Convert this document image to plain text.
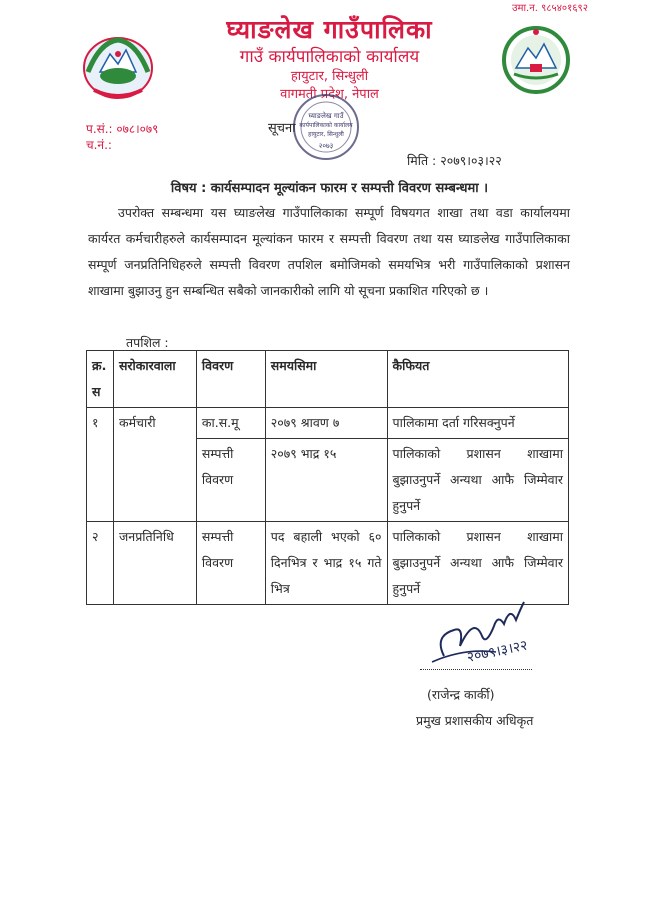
उमा.न. ९८५४०१६९२
घ्याङलेख गाउँपालिका
गाउँ कार्यपालिकाको कार्यालय
हायुटार, सिन्धुली
वागमती प्रदेश, नेपाल
घ्याङलेख गाउँ
कार्यपालिकाको कार्यालय
हायुटार, सिन्धुली
२०७३
प.सं.: ०७८।०७९
च.नं.:
सूचना
मिति : २०७९।०३।२२
विषय : कार्यसम्पादन मूल्यांकन फारम र सम्पत्ती विवरण सम्बन्धमा ।
उपरोक्त सम्बन्धमा यस घ्याङलेख गाउँपालिकाका सम्पूर्ण विषयगत शाखा तथा वडा कार्यालयमा कार्यरत कर्मचारीहरुले कार्यसम्पादन मूल्यांकन फारम र सम्पत्ती विवरण तथा यस घ्याङलेख गाउँपालिकाका सम्पूर्ण जनप्रतिनिधिहरुले सम्पत्ती विवरण तपशिल बमोजिमको समयभित्र भरी गाउँपालिकाको प्रशासन शाखामा बुझाउनु हुन सम्बन्धित सबैको जानकारीको लागि यो सूचना प्रकाशित गरिएको छ ।
तपशिल :
क्र. स	सरोकारवाला	विवरण	समयसिमा	कैफियत
१	कर्मचारी	का.स.मू	२०७९ श्रावण ७	पालिकामा दर्ता गरिसक्नुपर्ने
		सम्पत्ती विवरण	२०७९ भाद्र १५	पालिकाको प्रशासन शाखामा बुझाउनुपर्ने अन्यथा आफै जिम्मेवार हुनुपर्ने
२	जनप्रतिनिधि	सम्पत्ती विवरण	पद बहाली भएको ६० दिनभित्र र भाद्र १५ गते भित्र	पालिकाको प्रशासन शाखामा बुझाउनुपर्ने अन्यथा आफै जिम्मेवार हुनुपर्ने
२०७९।३।२२
(राजेन्द्र कार्की)
प्रमुख प्रशासकीय अधिकृत
